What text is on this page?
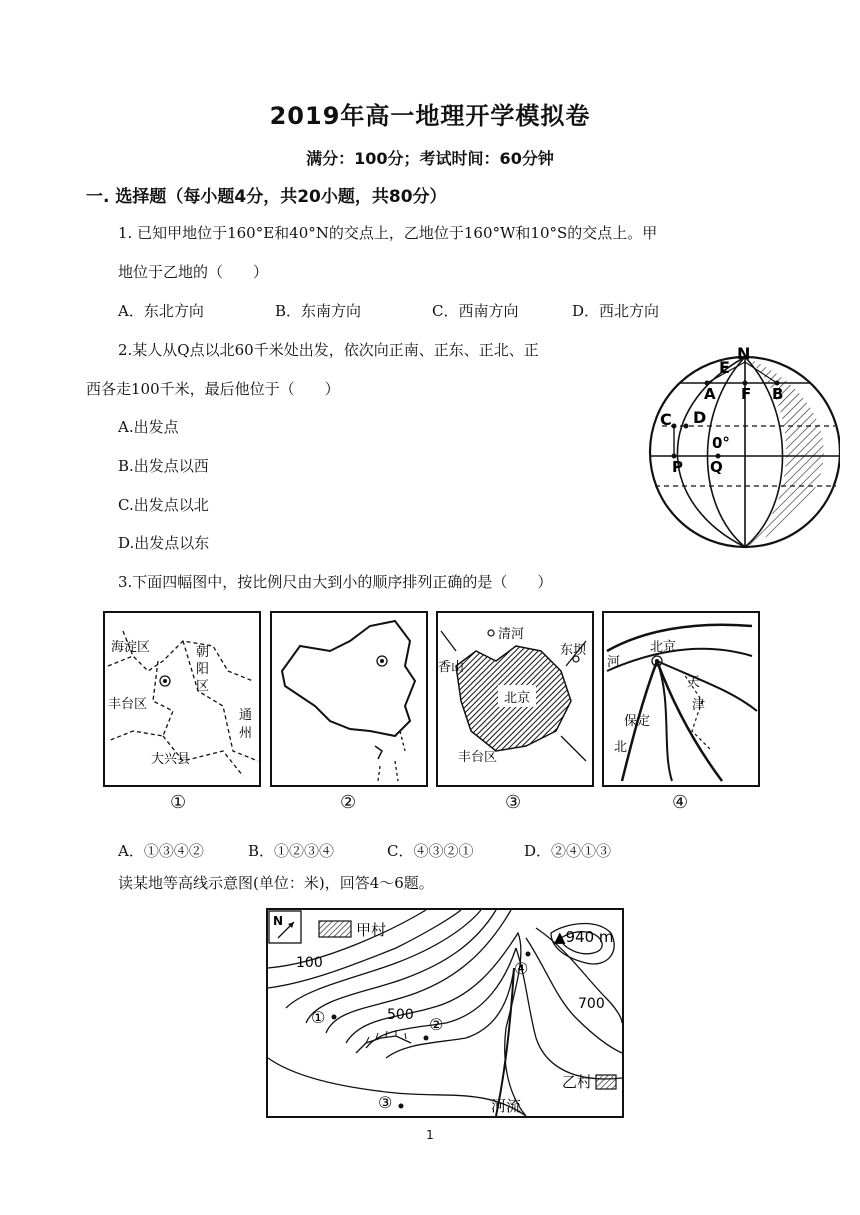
2019年高一地理开学模拟卷
满分：100分；考试时间：60分钟
一. 选择题（每小题4分，共20小题，共80分）
1. 已知甲地位于160°E和40°N的交点上，乙地位于160°W和10°S的交点上。甲
地位于乙地的（　　）
A．东北方向	B．东南方向	C．西南方向	D．西北方向
2.某人从Q点以北60千米处出发，依次向正南、正东、正北、正
西各走100千米，最后他位于（　　）
A.出发点
B.出发点以西
C.出发点以北
D.出发点以东
N
E
A	B
F
C D
0°
P Q
3.下面四幅图中，按比例尺由大到小的顺序排列正确的是（　　）
海淀区	朝
阳
区
丰台区
通
州
大兴县
清河
东坝
香山
北京
丰台区
北京
河
天
津
保定
北
①	②	③	④
A．①③④②	B．①②③④	C．④③②①	D．②④①③
读某地等高线示意图(单位：米)，回答4～6题。
N	甲村
①	②
③
④
100
500
700
▲940 m
乙村
河流
1
